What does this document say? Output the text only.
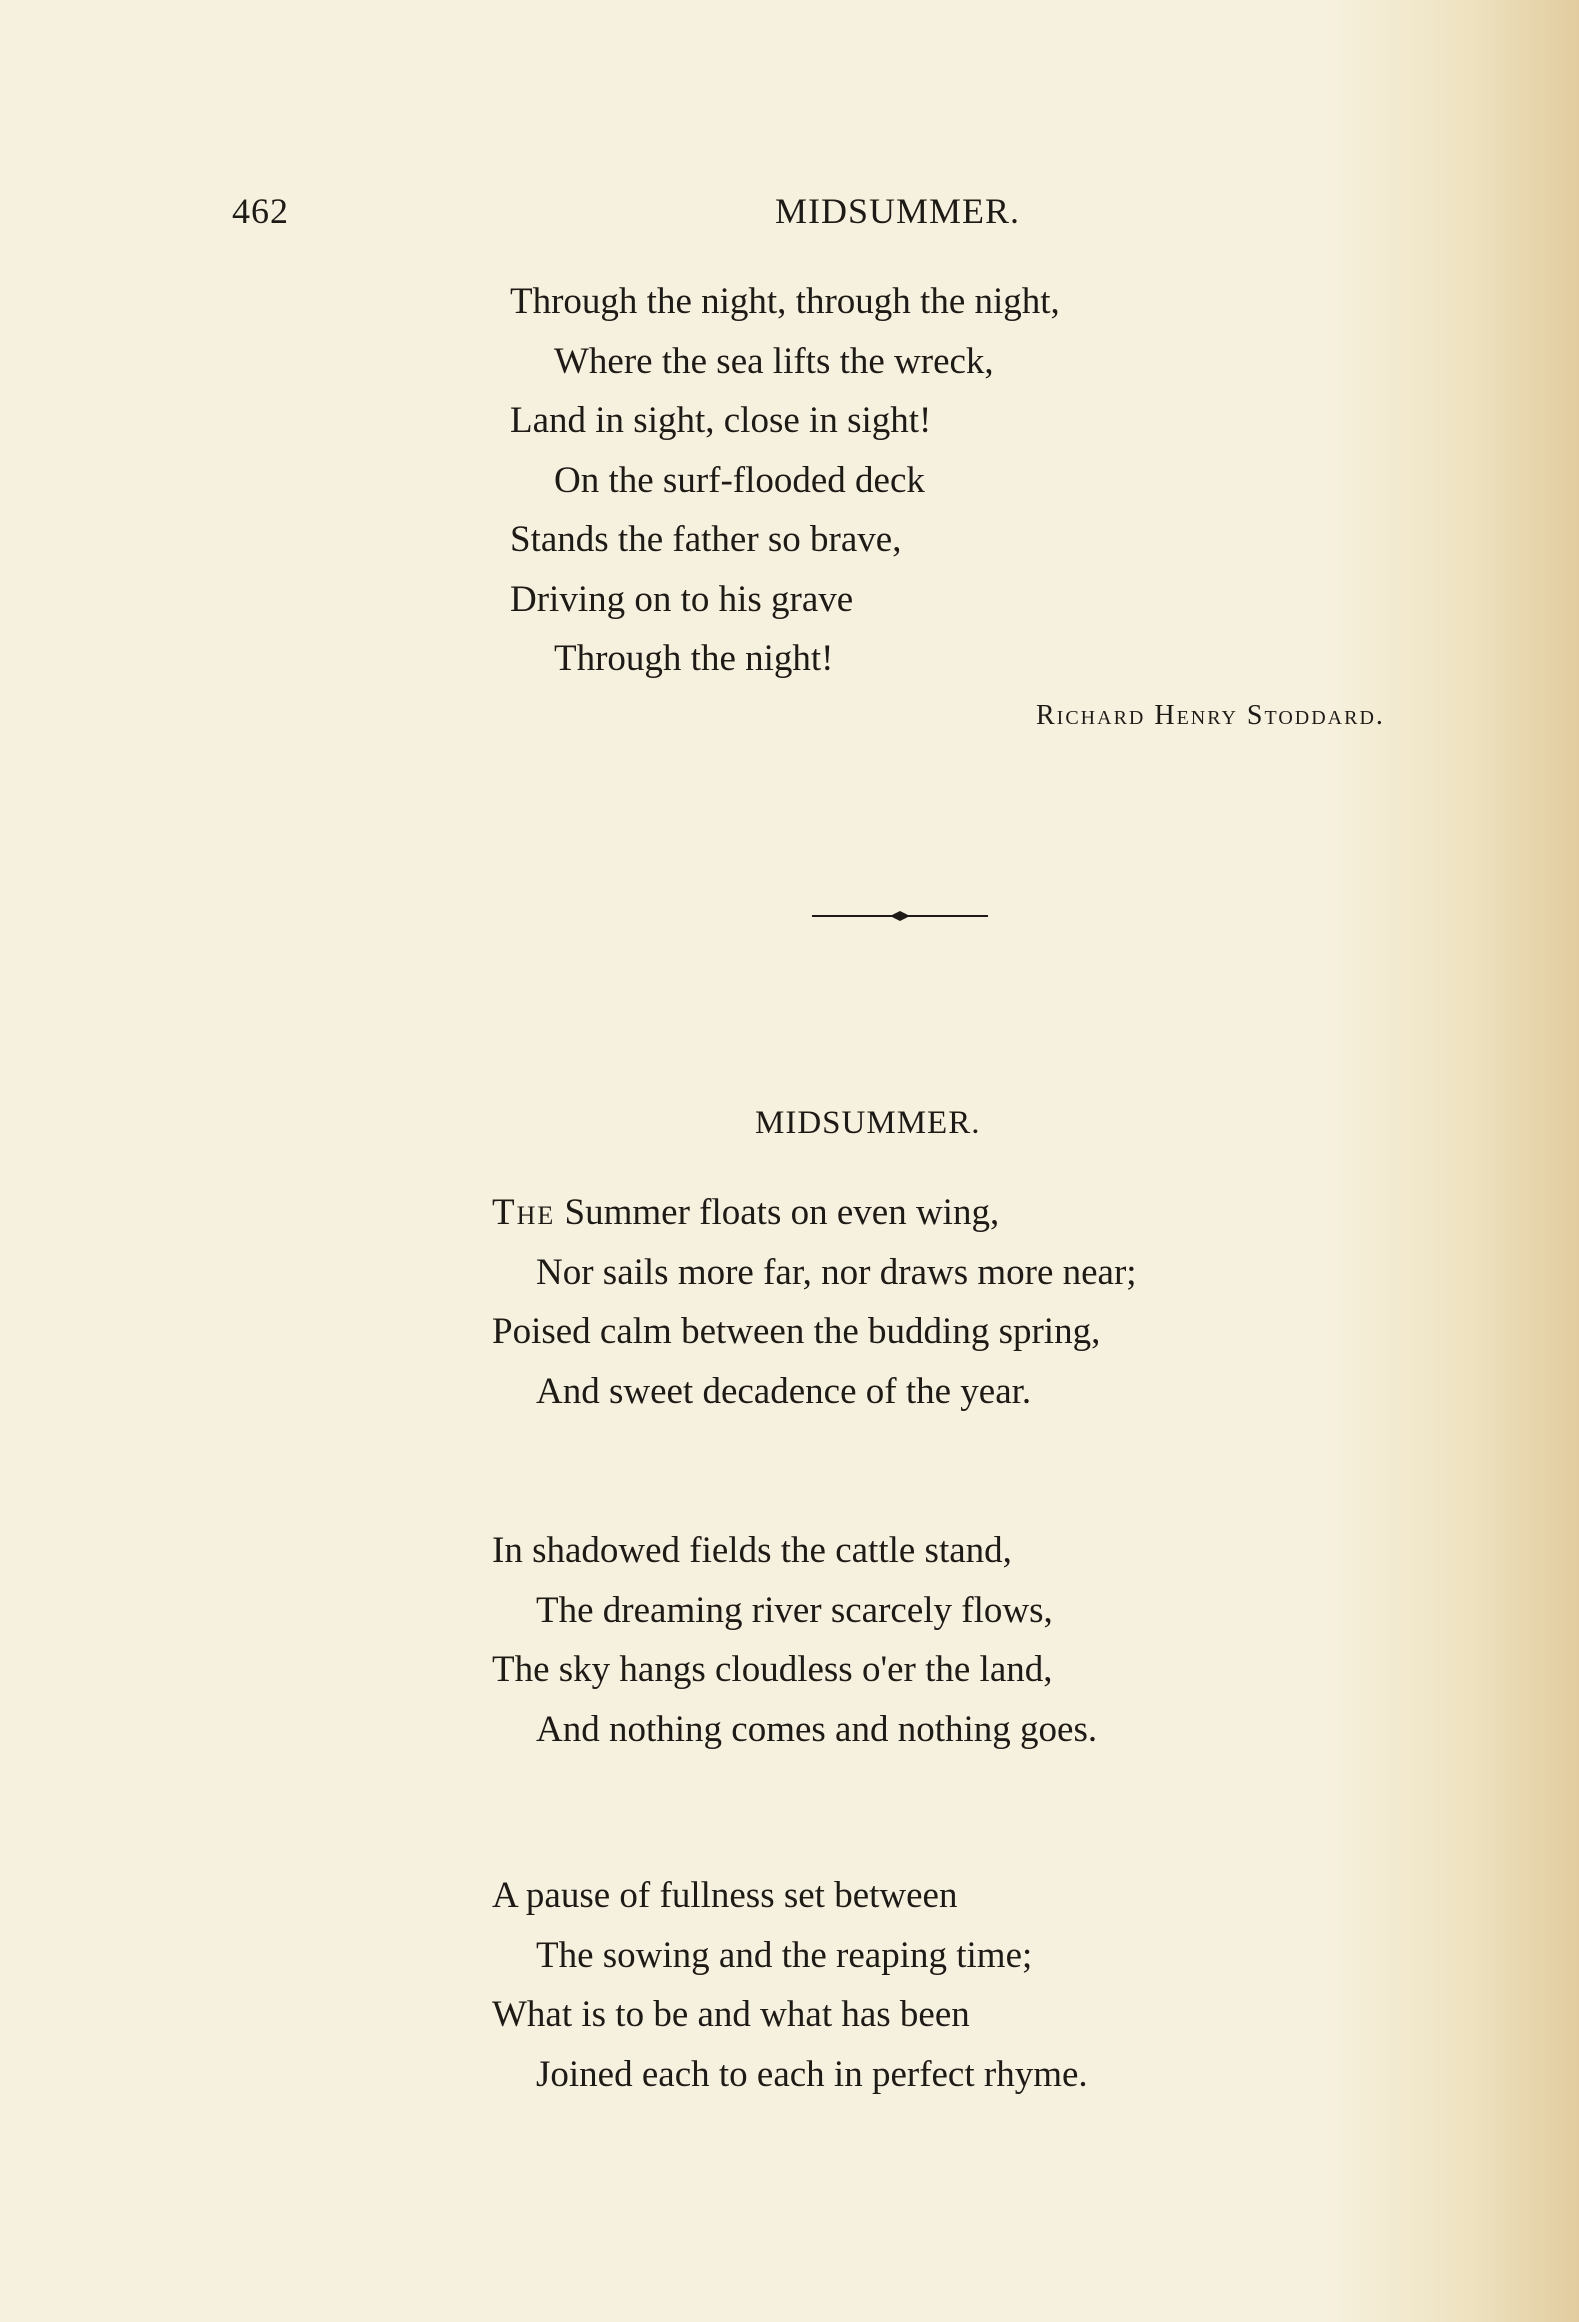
462	MIDSUMMER.
Through the night, through the night,
Where the sea lifts the wreck,
Land in sight, close in sight!
On the surf-flooded deck
Stands the father so brave,
Driving on to his grave
Through the night!
Richard Henry Stoddard.
MIDSUMMER.
The Summer floats on even wing,
Nor sails more far, nor draws more near;
Poised calm between the budding spring,
And sweet decadence of the year.
In shadowed fields the cattle stand,
The dreaming river scarcely flows,
The sky hangs cloudless o'er the land,
And nothing comes and nothing goes.
A pause of fullness set between
The sowing and the reaping time;
What is to be and what has been
Joined each to each in perfect rhyme.
